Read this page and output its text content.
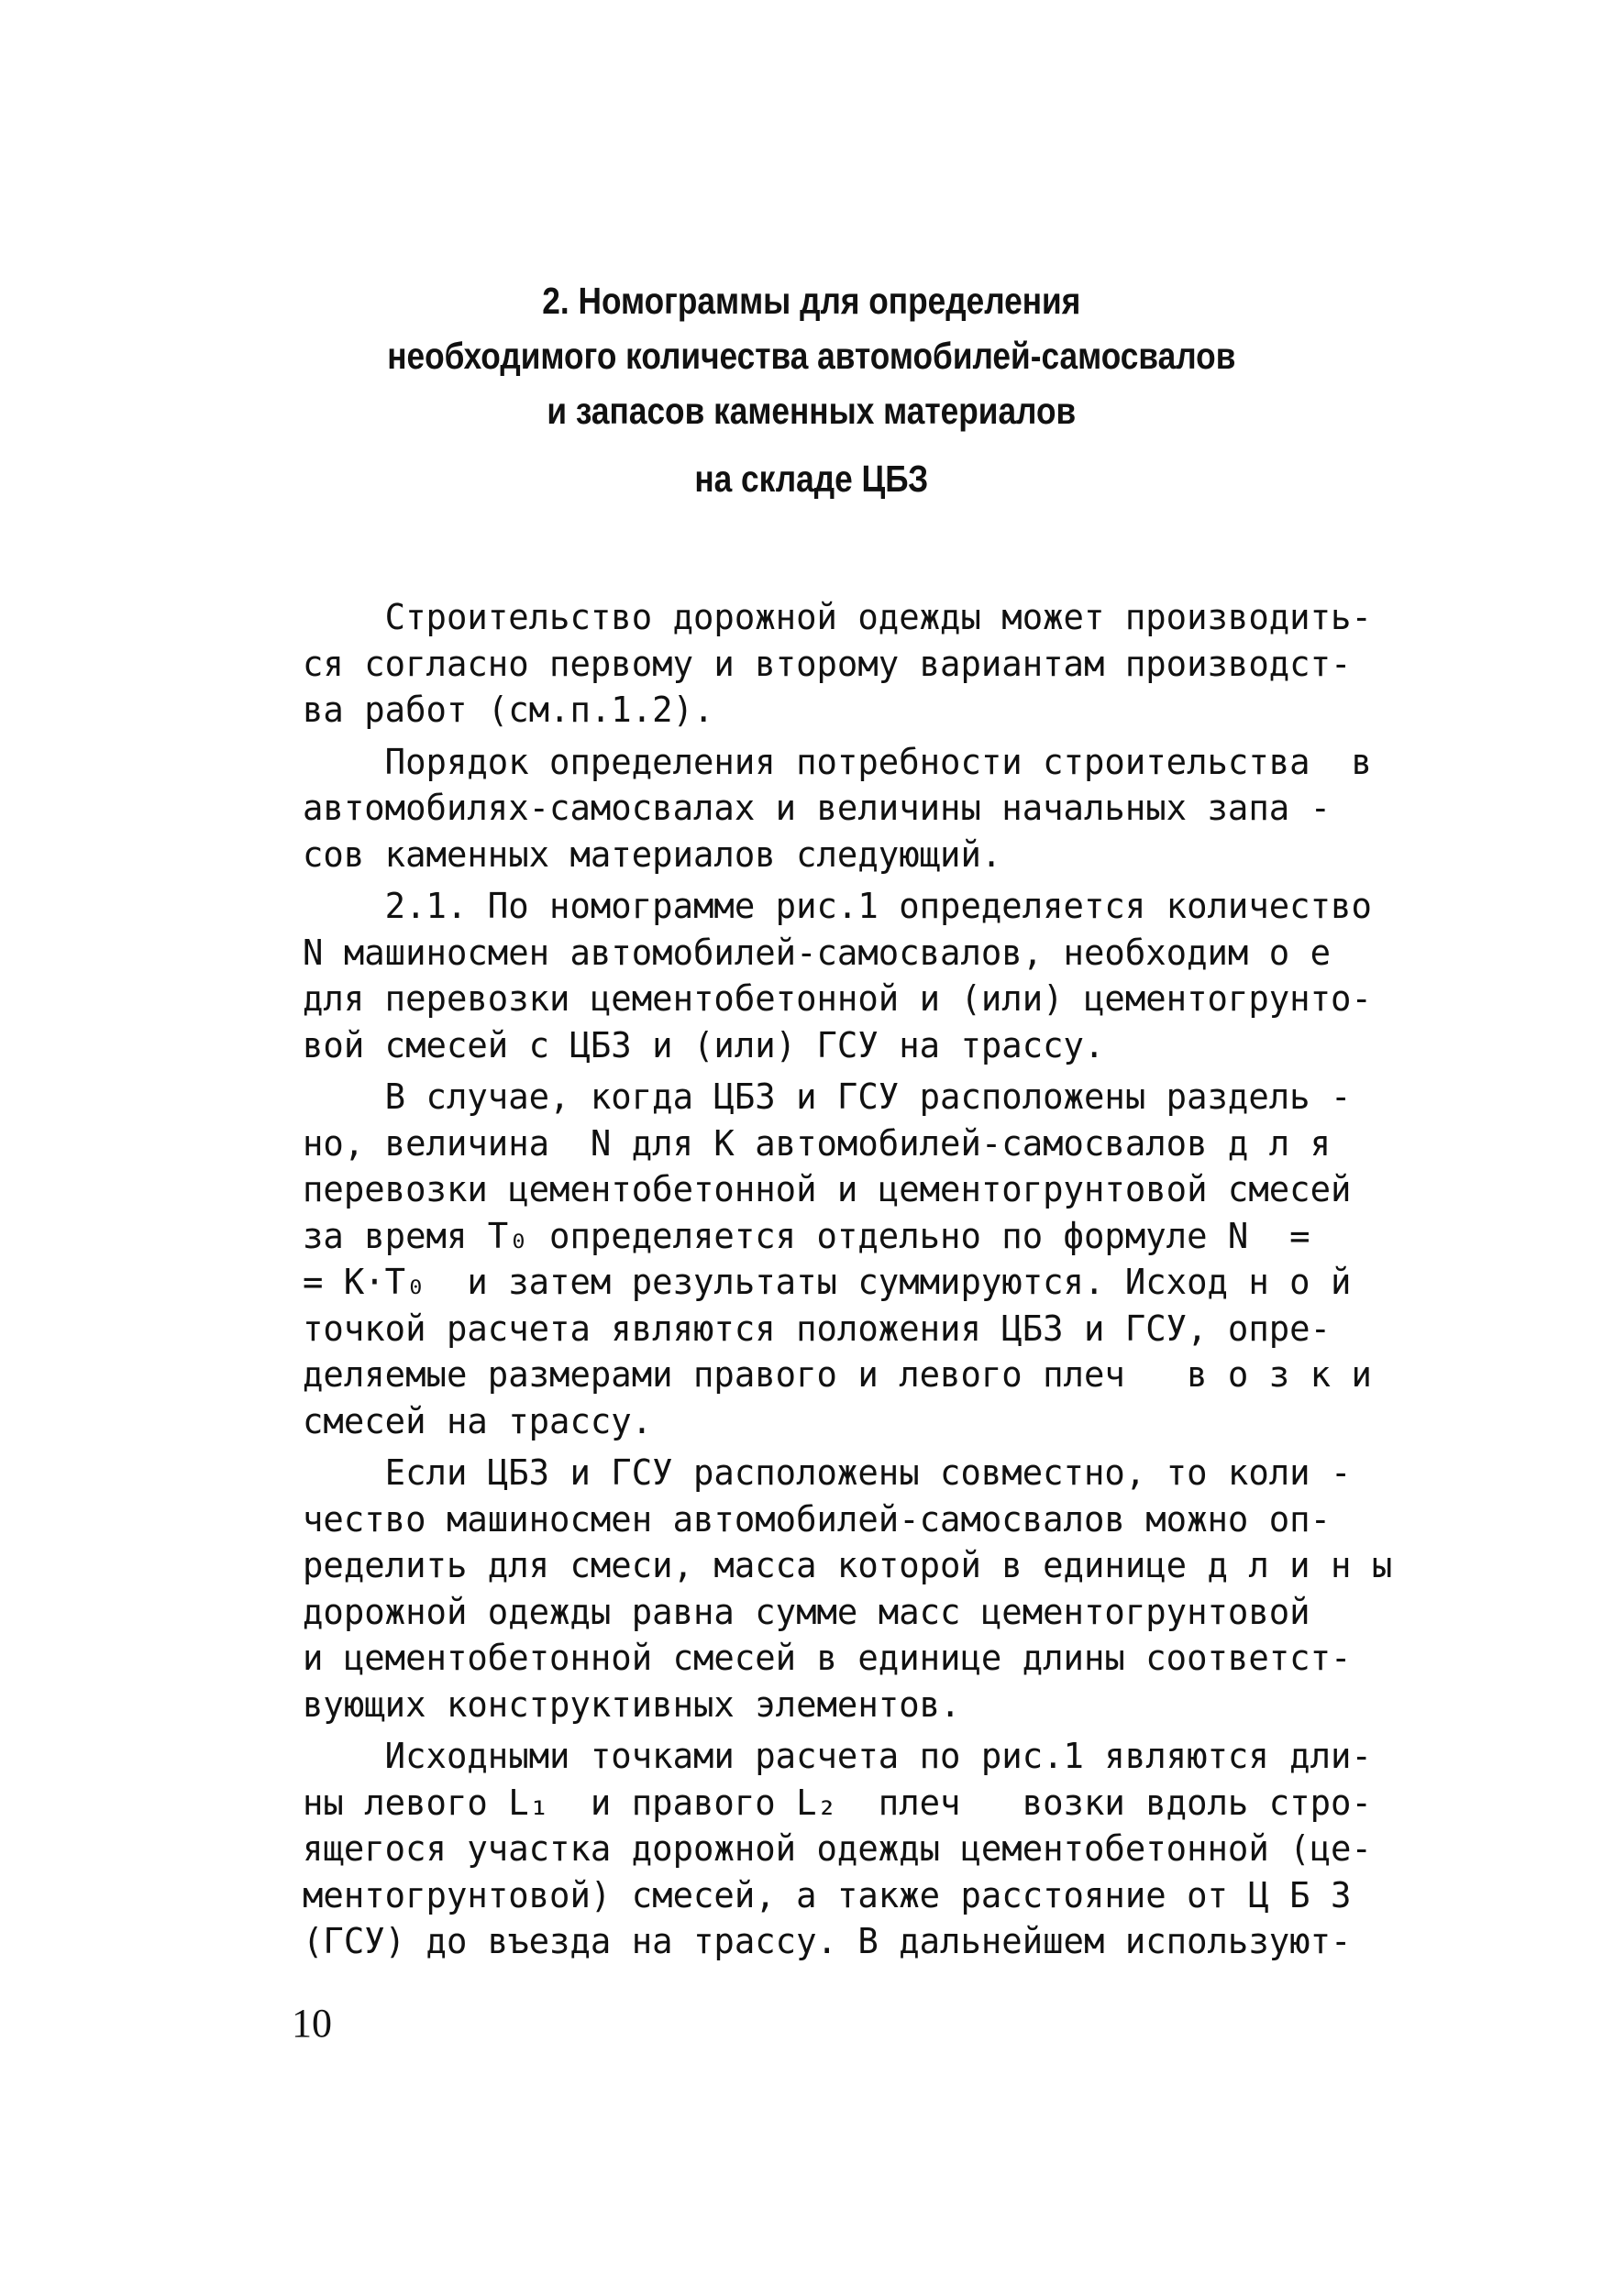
2. Номограммы для определения
необходимого количества автомобилей-самосвалов
и запасов каменных материалов
на складе ЦБЗ
Строительство дорожной одежды может производить-
ся согласно первому и второму вариантам производст-
ва работ (см.п.1.2).
Порядок определения потребности строительства  в
автомобилях-самосвалах и величины начальных запа -
сов каменных материалов следующий.
2.1. По номограмме рис.1 определяется количество
N машиносмен автомобилей-самосвалов, необходим о е
для перевозки цементобетонной и (или) цементогрунто-
вой смесей с ЦБЗ и (или) ГСУ на трассу.
В случае, когда ЦБЗ и ГСУ расположены раздель -
но, величина  N для K автомобилей-самосвалов д л я
перевозки цементобетонной и цементогрунтовой смесей
за время T₀ определяется отдельно по формуле N  =
= K·T₀  и затем результаты суммируются. Исход н о й
точкой расчета являются положения ЦБЗ и ГСУ, опре-
деляемые размерами правого и левого плеч   в о з к и
смесей на трассу.
Если ЦБЗ и ГСУ расположены совместно, то коли -
чество машиносмен автомобилей-самосвалов можно оп-
ределить для смеси, масса которой в единице д л и н ы
дорожной одежды равна сумме масс цементогрунтовой
и цементобетонной смесей в единице длины соответст-
вующих конструктивных элементов.
Исходными точками расчета по рис.1 являются дли-
ны левого L₁  и правого L₂  плеч   возки вдоль стро-
ящегося участка дорожной одежды цементобетонной (це-
ментогрунтовой) смесей, а также расстояние от Ц Б З
(ГСУ) до въезда на трассу. В дальнейшем используют-
10
